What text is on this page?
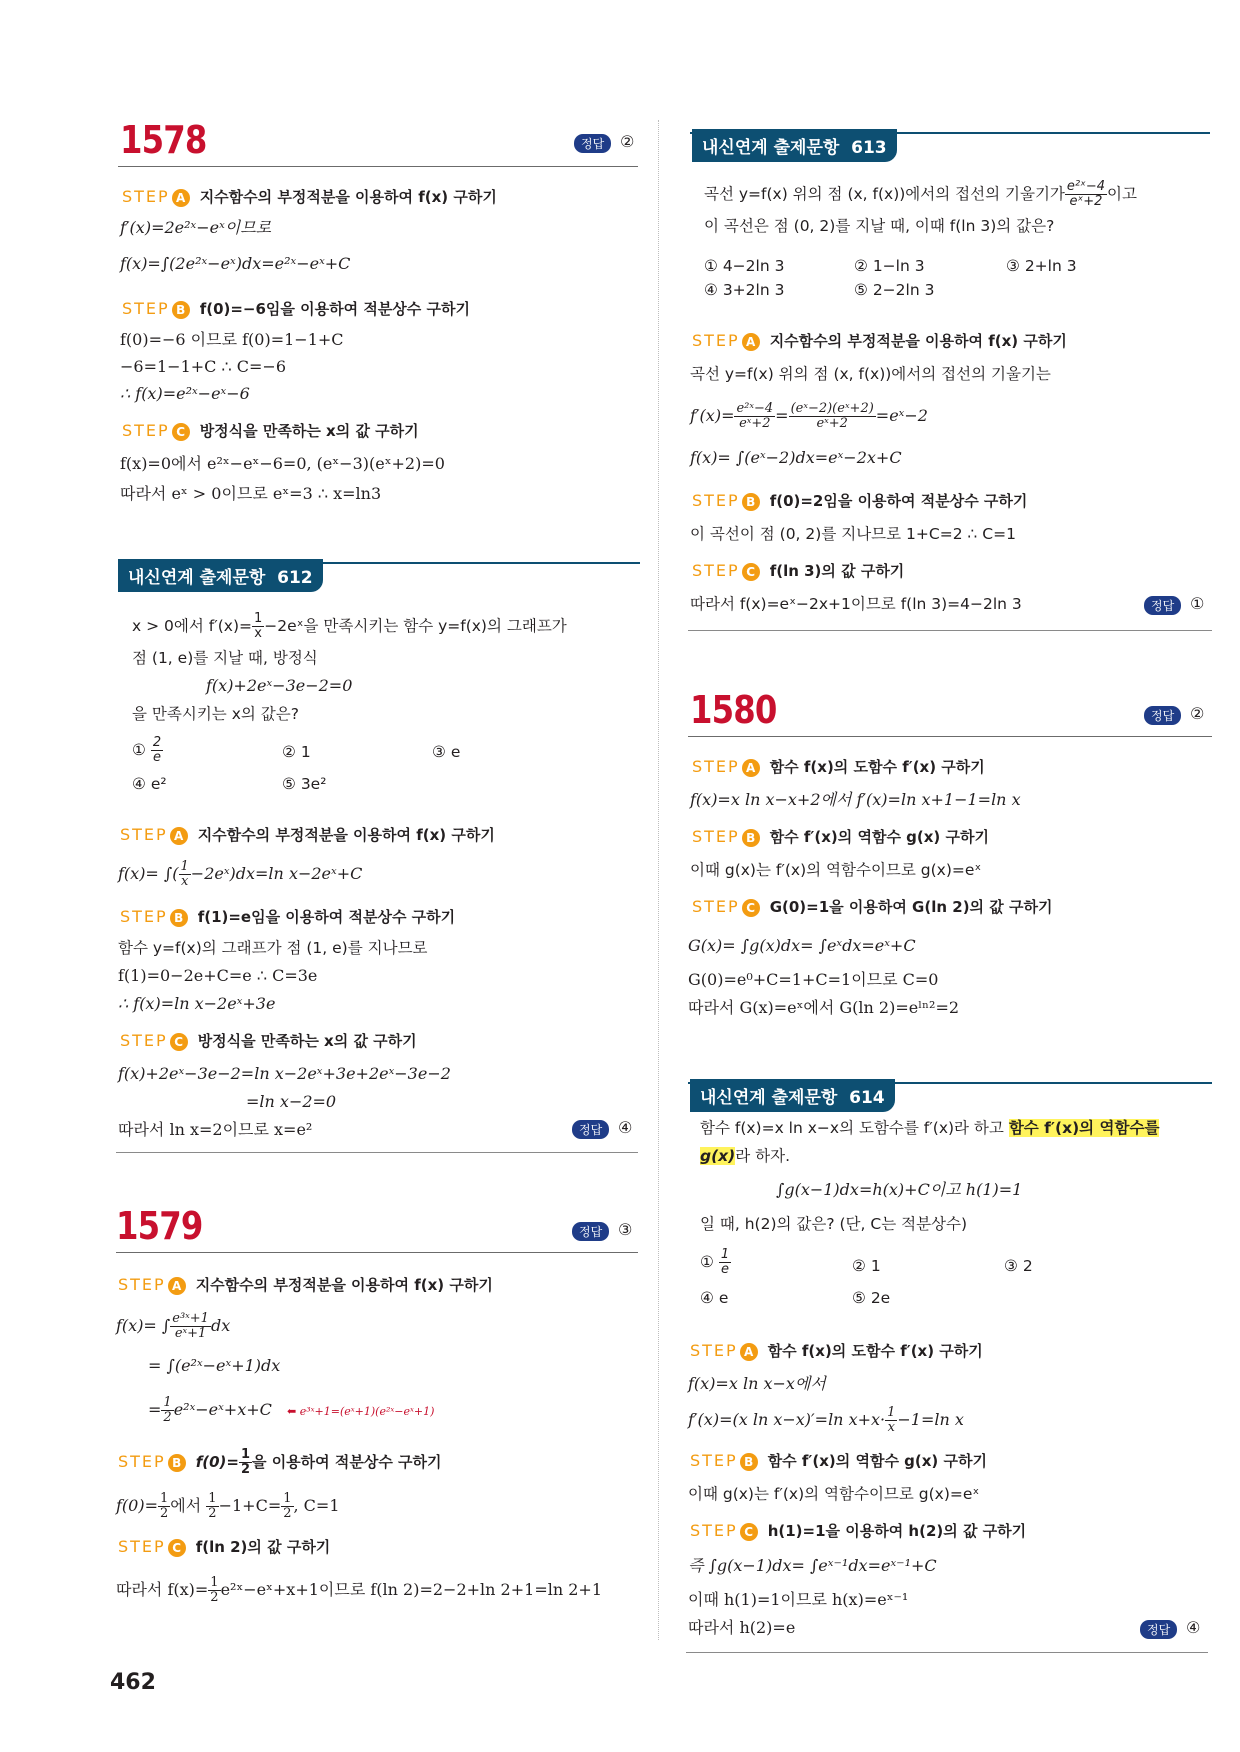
1578	정답 ②
STEP A 지수함수의 부정적분을 이용하여 f(x) 구하기
f′(x)=2e²ˣ−eˣ이므로
f(x)=∫(2e²ˣ−eˣ)dx=e²ˣ−eˣ+C
STEP B f(0)=−6임을 이용하여 적분상수 구하기
f(0)=−6 이므로 f(0)=1−1+C
−6=1−1+C ∴ C=−6
∴ f(x)=e²ˣ−eˣ−6
STEP C 방정식을 만족하는 x의 값 구하기
f(x)=0에서 e²ˣ−eˣ−6=0, (eˣ−3)(eˣ+2)=0
따라서 eˣ > 0이므로 eˣ=3 ∴ x=ln3
내신연계 출제문항 612
x > 0에서 $f'(x)= \frac{1}{x}$ −2eˣ을 만족시키는 함수 y=f(x)의 그래프가
점 (1, e)를 지날 때, 방정식
f(x)+2eˣ−3e−2=0
을 만족시키는 x의 값은?
① $\frac{2}{e}$	② 1	③ e
④ e²	⑤ 3e²
STEP A 지수함수의 부정적분을 이용하여 f(x) 구하기
f(x)= ∫( $\frac{1}{x}$ −2eˣ)dx=ln x−2eˣ+C
STEP B f(1)=e임을 이용하여 적분상수 구하기
함수 y=f(x)의 그래프가 점 (1, e)를 지나므로
f(1)=0−2e+C=e ∴ C=3e
∴ f(x)=ln x−2eˣ+3e
STEP C 방정식을 만족하는 x의 값 구하기
f(x)+2eˣ−3e−2=ln x−2eˣ+3e+2eˣ−3e−2
=ln x−2=0
따라서 ln x=2이므로 x=e²	정답 ④
1579	정답 ③
STEP A 지수함수의 부정적분을 이용하여 f(x) 구하기
f(x)= ∫ $\frac{\text{e³ˣ+1}}{\text{eˣ+1}}$ dx
= ∫(e²ˣ−eˣ+1)dx
= $\frac{1}{2}$ e²ˣ−eˣ+x+C ⬅ e³ˣ+1=(eˣ+1)(e²ˣ−eˣ+1)
STEP B $f(0)= \frac{1}{2}$ 을 이용하여 적분상수 구하기
$f(0)= \frac{1}{2}$ 에서 $\frac{1}{2} -1+C= \frac{1}{2}$ , C=1
STEP C f(ln 2)의 값 구하기
따라서 $f(x)= \frac{1}{2}$ e²ˣ−eˣ+x+1이므로 f(ln 2)=2−2+ln 2+1=ln 2+1
462
내신연계 출제문항 613
곡선 y=f(x) 위의 점 (x, f(x))에서의 접선의 기울기가 $\frac{\text{e²ˣ−4}}{\text{eˣ+2}}$ 이고
이 곡선은 점 (0, 2)를 지날 때, 이때 f(ln 3)의 값은?
① 4−2ln 3	② 1−ln 3	③ 2+ln 3
④ 3+2ln 3	⑤ 2−2ln 3
STEP A 지수함수의 부정적분을 이용하여 f(x) 구하기
곡선 y=f(x) 위의 점 (x, f(x))에서의 접선의 기울기는
$f'(x)= \frac{\text{e²ˣ−4}}{\text{eˣ+2}} = \frac{\text{(eˣ−2)(eˣ+2)}}{\text{eˣ+2}}$ =eˣ−2
f(x)= ∫(eˣ−2)dx=eˣ−2x+C
STEP B f(0)=2임을 이용하여 적분상수 구하기
이 곡선이 점 (0, 2)를 지나므로 1+C=2 ∴ C=1
STEP C f(ln 3)의 값 구하기
따라서 f(x)=eˣ−2x+1이므로 f(ln 3)=4−2ln 3	정답 ①
1580	정답 ②
STEP A 함수 f(x)의 도함수 f′(x) 구하기
f(x)=x ln x−x+2에서 f′(x)=ln x+1−1=ln x
STEP B 함수 f′(x)의 역함수 g(x) 구하기
이때 g(x)는 f′(x)의 역함수이므로 g(x)=eˣ
STEP C G(0)=1을 이용하여 G(ln 2)의 값 구하기
G(x)= ∫g(x)dx= ∫eˣdx=eˣ+C
G(0)=e⁰+C=1+C=1이므로 C=0
따라서 G(x)=eˣ에서 G(ln 2)=eˡⁿ²=2
내신연계 출제문항 614
함수 f(x)=x ln x−x의 도함수를 f′(x)라 하고 함수 f′(x)의 역함수를
g(x)라 하자.
∫g(x−1)dx=h(x)+C이고 h(1)=1
일 때, h(2)의 값은? (단, C는 적분상수)
① $\frac{1}{e}$	② 1	③ 2
④ e	⑤ 2e
STEP A 함수 f(x)의 도함수 f′(x) 구하기
f(x)=x ln x−x에서
f′(x)=(x ln x−x)′=ln $x+x\cdot \frac{1}{x} -1=\ln$ x
STEP B 함수 f′(x)의 역함수 g(x) 구하기
이때 g(x)는 f′(x)의 역함수이므로 g(x)=eˣ
STEP C h(1)=1을 이용하여 h(2)의 값 구하기
즉 ∫g(x−1)dx= ∫eˣ⁻¹dx=eˣ⁻¹+C
이때 h(1)=1이므로 h(x)=eˣ⁻¹
따라서 h(2)=e	정답 ④
